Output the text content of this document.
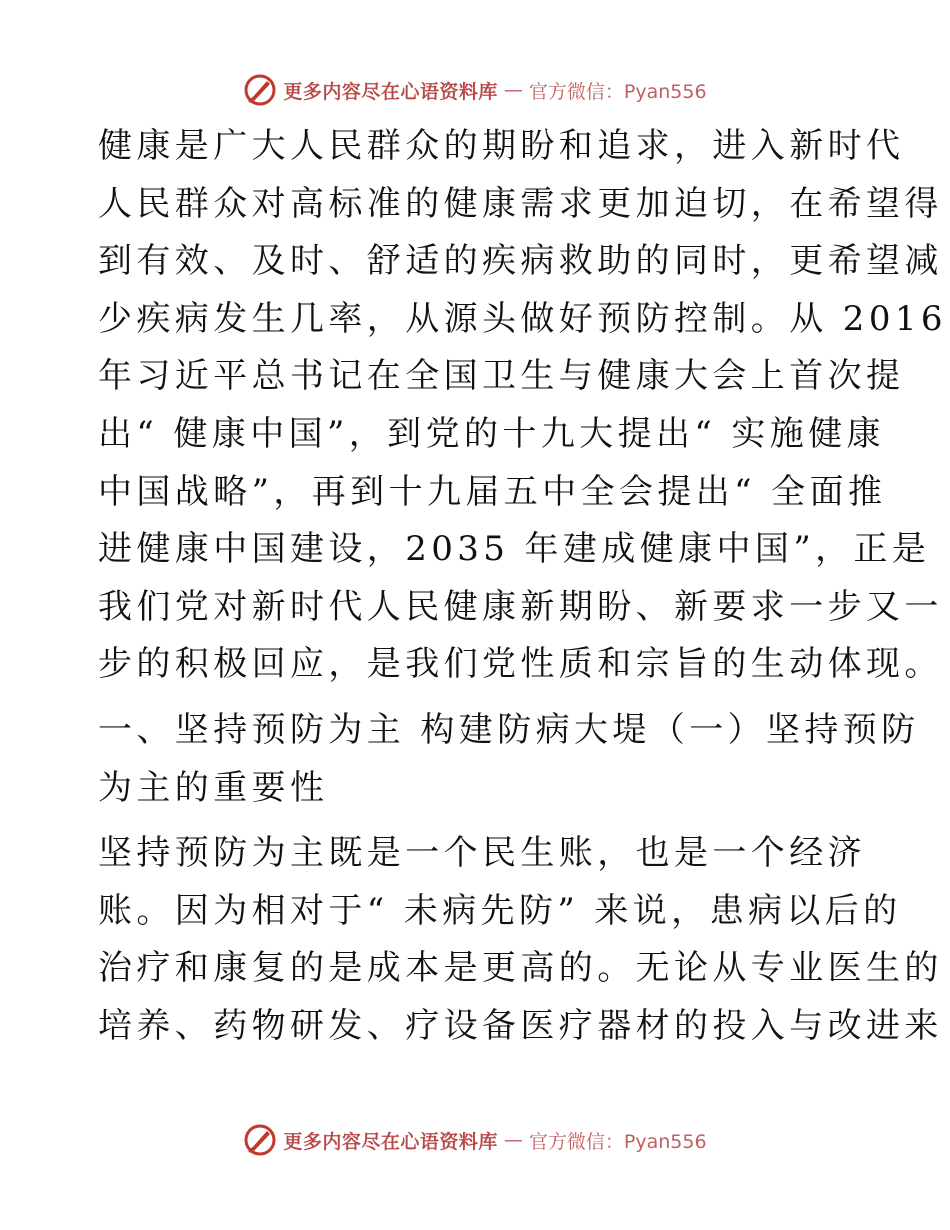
更多内容尽在心语资料库 — 官方微信：Pyan556
健康是广大人民群众的期盼和追求，进入新时代
人民群众对高标准的健康需求更加迫切，在希望得
到有效、及时、舒适的疾病救助的同时，更希望减
少疾病发生几率，从源头做好预防控制。从 2016
年习近平总书记在全国卫生与健康大会上首次提
出“ 健康中国”，到党的十九大提出“ 实施健康
中国战略”，再到十九届五中全会提出“ 全面推
进健康中国建设，2035 年建成健康中国”，正是
我们党对新时代人民健康新期盼、新要求一步又一
步的积极回应，是我们党性质和宗旨的生动体现。
一、坚持预防为主 构建防病大堤（一）坚持预防
为主的重要性
坚持预防为主既是一个民生账，也是一个经济
账。因为相对于“ 未病先防” 来说，患病以后的
治疗和康复的是成本是更高的。无论从专业医生的
培养、药物研发、疗设备医疗器材的投入与改进来
更多内容尽在心语资料库 — 官方微信：Pyan556
